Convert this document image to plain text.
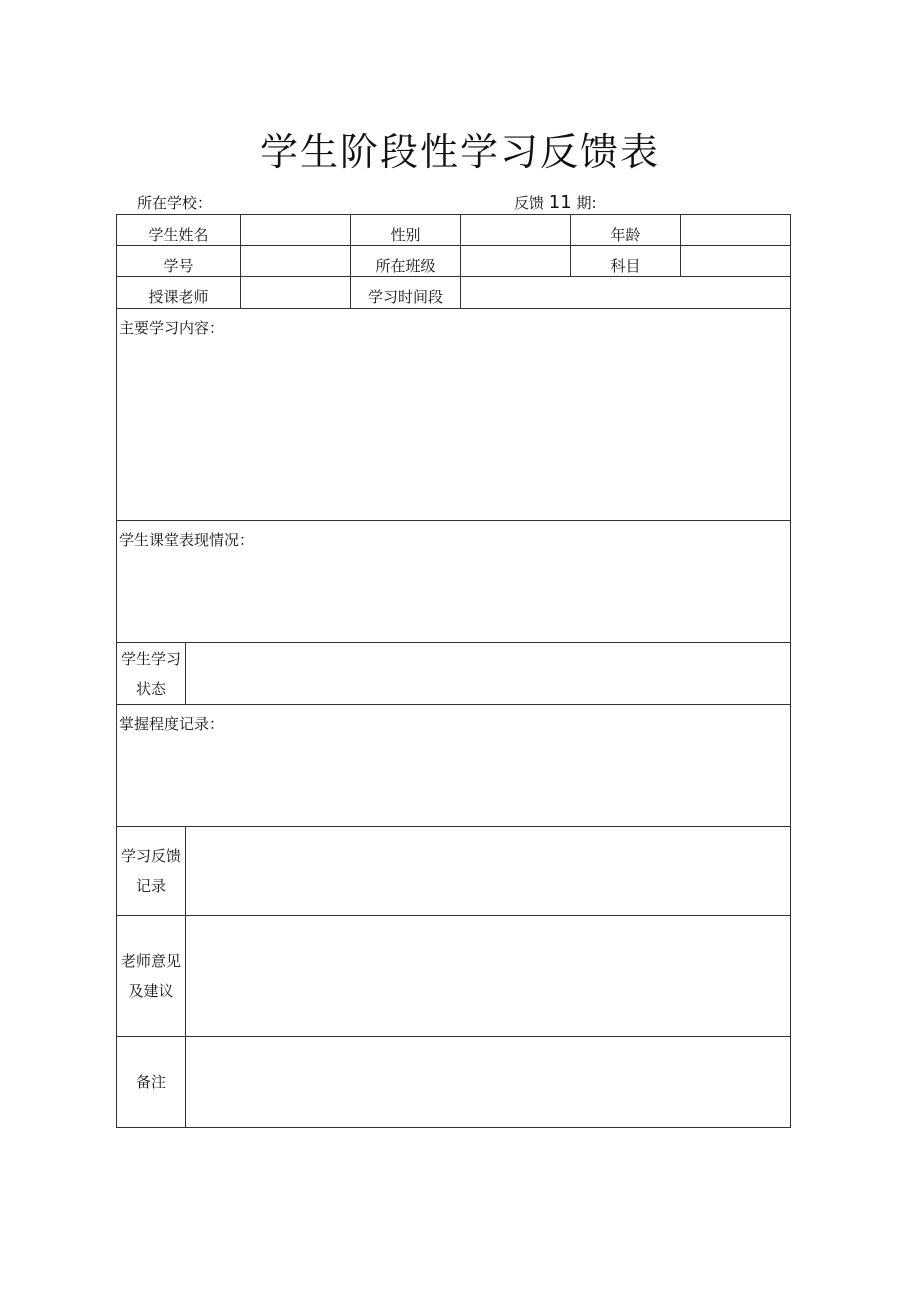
学生阶段性学习反馈表
所在学校：	反馈 11 期:
学生姓名			性别		年龄	
学号			所在班级		科目	
授课老师			学习时间段			
主要学习内容：						
学生课堂表现情况：						

学生学习
状态						

掌握程度记录：						

学习反馈
记录						

老师意见
及建议						

备注						
